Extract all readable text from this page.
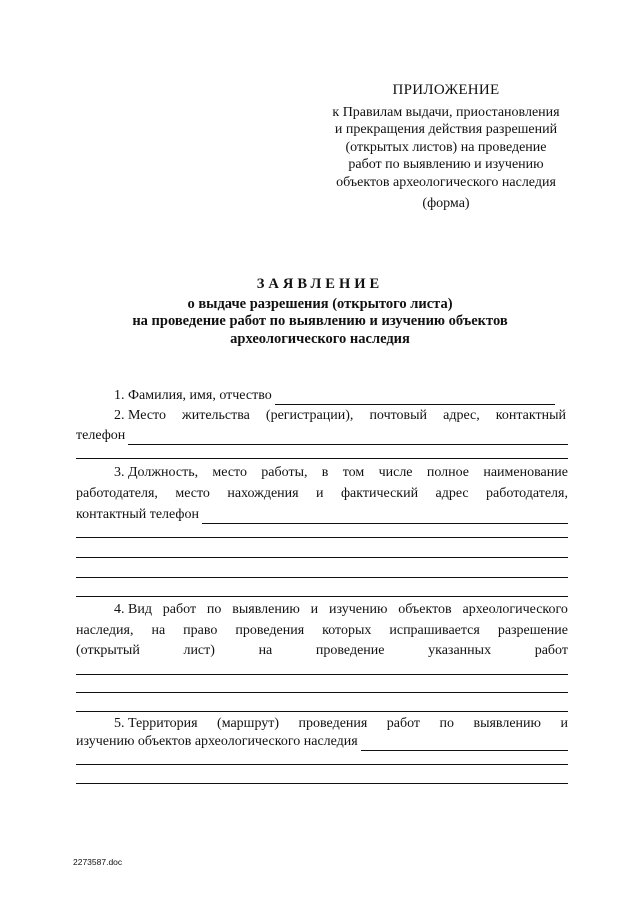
ПРИЛОЖЕНИЕ
к Правилам выдачи, приостановления
и прекращения действия разрешений
(открытых листов) на проведение
работ по выявлению и изучению
объектов археологического наследия
(форма)
ЗАЯВЛЕНИЕ
о выдаче разрешения (открытого листа)
на проведение работ по выявлению и изучению объектов
археологического наследия
1. Фамилия, имя, отчество
2. Место жительства (регистрации), почтовый адрес, контактный
телефон
3. Должность, место работы, в том числе полное наименование
работодателя, место нахождения и фактический адрес работодателя,
контактный телефон
4. Вид работ по выявлению и изучению объектов археологического
наследия, на право проведения которых испрашивается разрешение
(открытый	лист)	на	проведение	указанных	работ
5. Территория (маршрут) проведения работ по выявлению и
изучению объектов археологического наследия
2273587.doc
